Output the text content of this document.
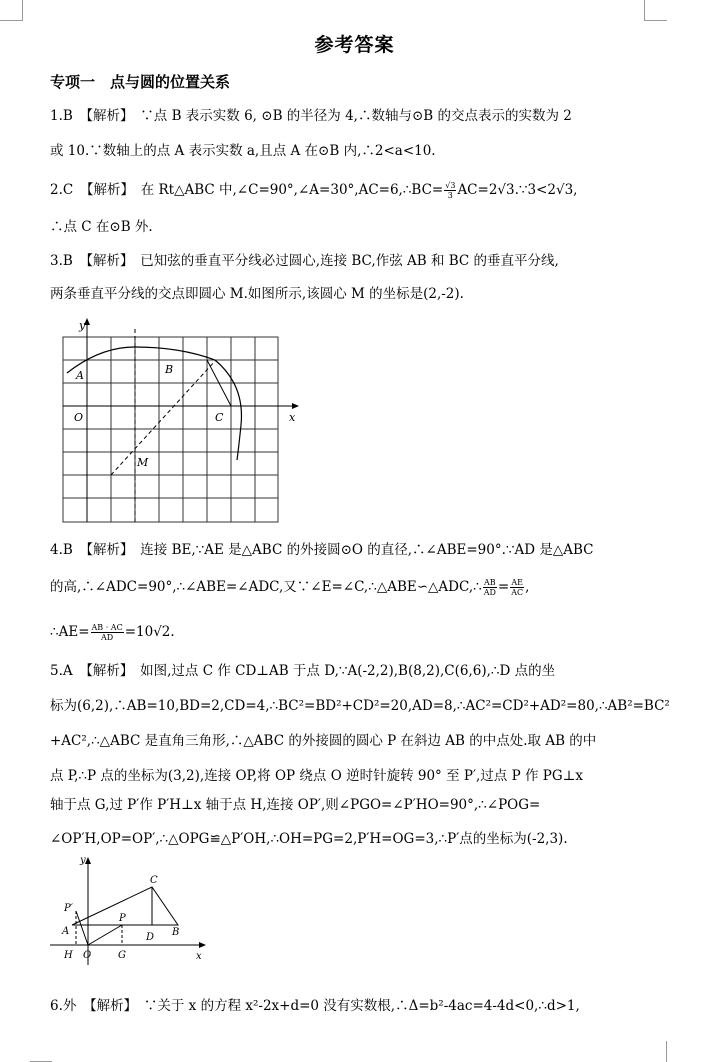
参考答案
专项一　点与圆的位置关系
1.B　【解析】　∵点 B 表示实数 6, ⊙B 的半径为 4,∴数轴与⊙B 的交点表示的实数为 2
或 10.∵数轴上的点 A 表示实数 a,且点 A 在⊙B 内,∴2<a<10.
2.C　【解析】　在 Rt△ABC 中,∠C=90°,∠A=30°,AC=6,∴BC= $\frac{√3}{3}$ AC=2√3.∵3<2√3,
∴点 C 在⊙B 外.
3.B　【解析】　已知弦的垂直平分线必过圆心,连接 BC,作弦 AB 和 BC 的垂直平分线,
两条垂直平分线的交点即圆心 M.如图所示,该圆心 M 的坐标是(2,-2).
y
x
A	B
O	C
M
4.B　【解析】　连接 BE,∵AE 是△ABC 的外接圆⊙O 的直径,∴∠ABE=90°.∵AD 是△ABC
的高,∴∠ADC=90°,∴∠ABE=∠ADC,又∵∠E=∠C,∴△ABE∽△ADC,∴ $\frac{AB}{AD} = \frac{AE}{AC}$ ,
∴AE= $\frac{AB \cdot AC}{AD} =10√2$.
5.A　【解析】　如图,过点 C 作 CD⊥AB 于点 D,∵A(-2,2),B(8,2),C(6,6),∴D 点的坐
标为(6,2),∴AB=10,BD=2,CD=4,∴BC²=BD²+CD²=20,AD=8,∴AC²=CD²+AD²=80,∴AB²=BC²
+AC²,∴△ABC 是直角三角形,∴△ABC 的外接圆的圆心 P 在斜边 AB 的中点处.取 AB 的中
点 P,∴P 点的坐标为(3,2),连接 OP,将 OP 绕点 O 逆时针旋转 90° 至 P′,过点 P 作 PG⊥x
轴于点 G,过 P′作 P′H⊥x 轴于点 H,连接 OP′,则∠PGO=∠P′HO=90°,∴∠POG=
∠OP′H,OP=OP′,∴△OPG≌△P′OH,∴OH=PG=2,P′H=OG=3,∴P′点的坐标为(-2,3).
y
x
C
P′
P
A
D B
H O	G
6.外　【解析】　∵关于 x 的方程 x²-2x+d=0 没有实数根,∴Δ=b²-4ac=4-4d<0,∴d>1,
